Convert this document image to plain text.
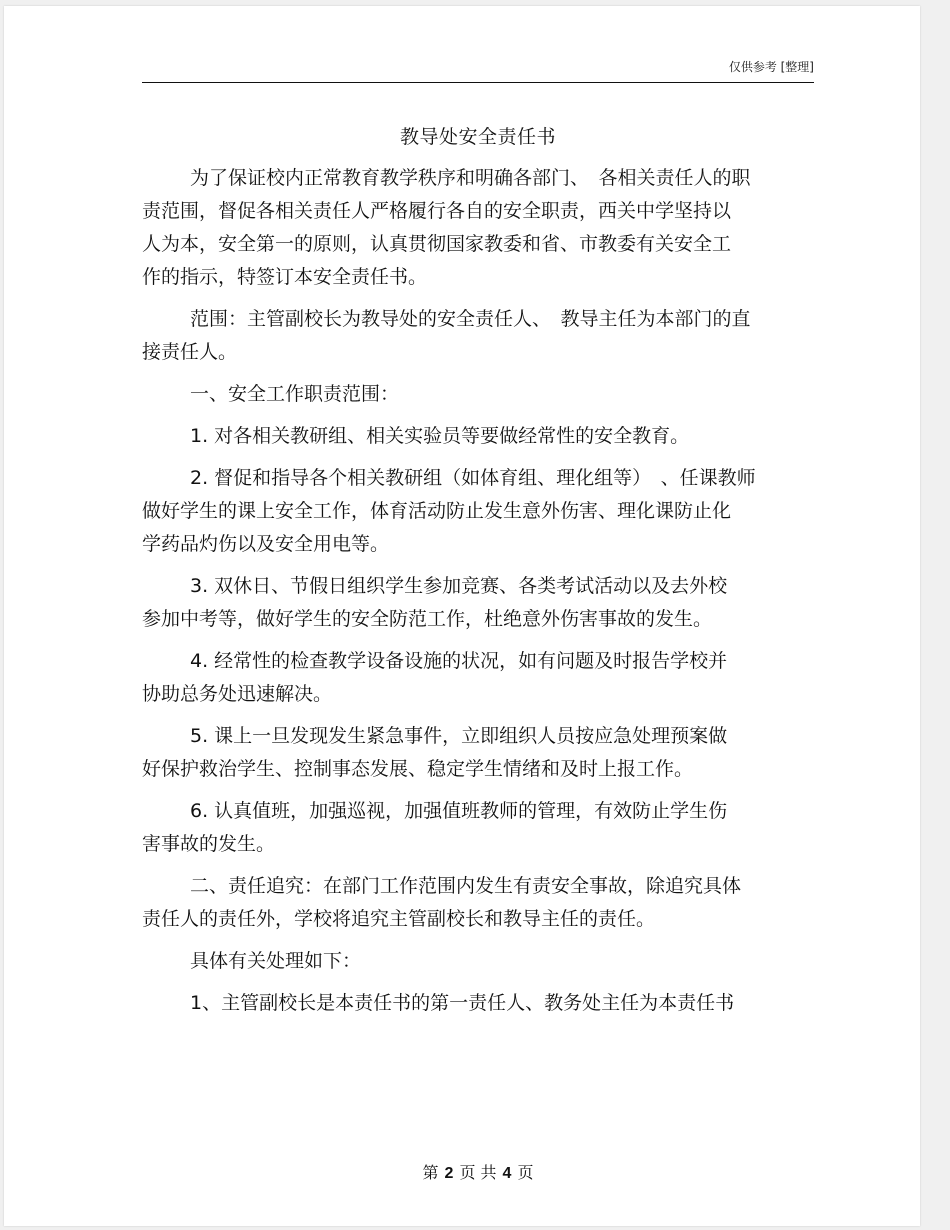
仅供参考 [整理]
教导处安全责任书
为了保证校内正常教育教学秩序和明确各部门、　各相关责任人的职
责范围，督促各相关责任人严格履行各自的安全职责，西关中学坚持以
人为本，安全第一的原则，认真贯彻国家教委和省、市教委有关安全工
作的指示，特签订本安全责任书。
范围：主管副校长为教导处的安全责任人、　教导主任为本部门的直
接责任人。
一、安全工作职责范围：
1. 对各相关教研组、相关实验员等要做经常性的安全教育。
2. 督促和指导各个相关教研组（如体育组、理化组等）　、任课教师
做好学生的课上安全工作，体育活动防止发生意外伤害、理化课防止化
学药品灼伤以及安全用电等。
3. 双休日、节假日组织学生参加竞赛、各类考试活动以及去外校
参加中考等，做好学生的安全防范工作，杜绝意外伤害事故的发生。
4. 经常性的检查教学设备设施的状况，如有问题及时报告学校并
协助总务处迅速解决。
5. 课上一旦发现发生紧急事件，立即组织人员按应急处理预案做
好保护救治学生、控制事态发展、稳定学生情绪和及时上报工作。
6. 认真值班，加强巡视，加强值班教师的管理，有效防止学生伤
害事故的发生。
二、责任追究：在部门工作范围内发生有责安全事故，除追究具体
责任人的责任外，学校将追究主管副校长和教导主任的责任。
具体有关处理如下：
1、主管副校长是本责任书的第一责任人、教务处主任为本责任书
第 2 页 共 4 页
